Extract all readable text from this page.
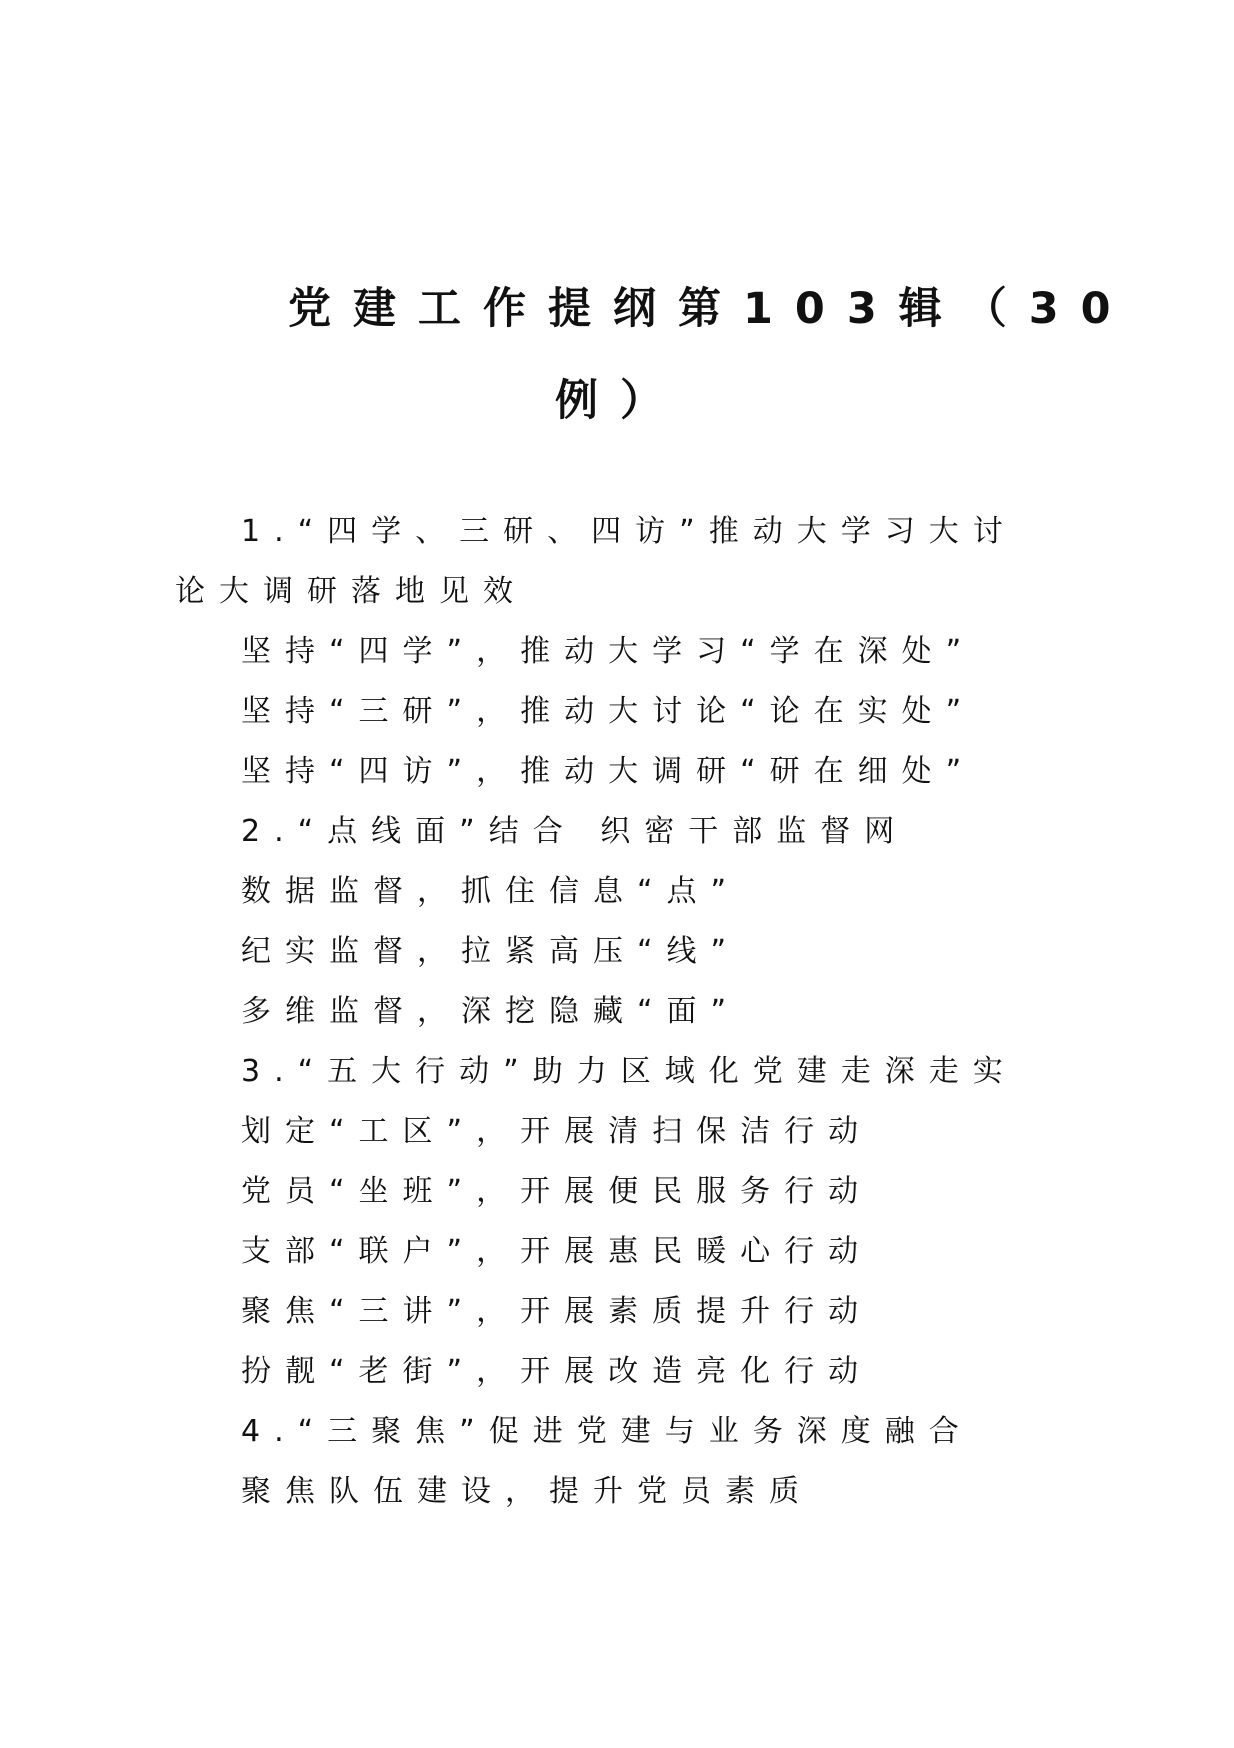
党建工作提纲第103辑（30
例）
1.“四学、三研、四访”推动大学习大讨
论大调研落地见效
坚持“四学”，推动大学习“学在深处”
坚持“三研”，推动大讨论“论在实处”
坚持“四访”，推动大调研“研在细处”
2.“点线面”结合 织密干部监督网
数据监督，抓住信息“点”
纪实监督，拉紧高压“线”
多维监督，深挖隐藏“面”
3.“五大行动”助力区域化党建走深走实
划定“工区”，开展清扫保洁行动
党员“坐班”，开展便民服务行动
支部“联户”，开展惠民暖心行动
聚焦“三讲”，开展素质提升行动
扮靓“老街”，开展改造亮化行动
4.“三聚焦”促进党建与业务深度融合
聚焦队伍建设，提升党员素质
